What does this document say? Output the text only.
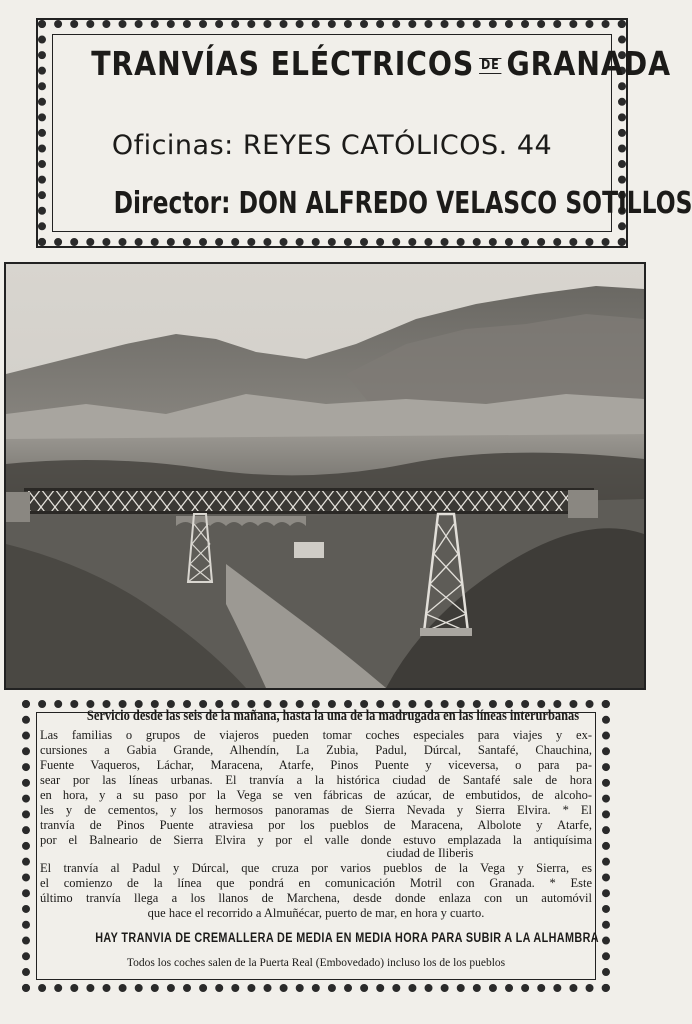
TRANVÍAS ELÉCTRICOS DE GRANADA
Oficinas: REYES CATÓLICOS. 44
Director: DON ALFREDO VELASCO SOTILLOS
Servicio desde las seis de la mañana, hasta la una de la madrugada en las líneas interurbanas
Las familias o grupos de viajeros pueden tomar coches especiales para viajes y ex-
cursiones a Gabia Grande, Alhendín, La Zubia, Padul, Dúrcal, Santafé, Chauchina,
Fuente Vaqueros, Láchar, Maracena, Atarfe, Pinos Puente y viceversa, o para pa-
sear por las líneas urbanas. El tranvía a la histórica ciudad de Santafé sale de hora
en hora, y a su paso por la Vega se ven fábricas de azúcar, de embutidos, de alcoho-
les y de cementos, y los hermosos panoramas de Sierra Nevada y Sierra Elvira. * El
tranvía de Pinos Puente atraviesa por los pueblos de Maracena, Albolote y Atarfe,
por el Balneario de Sierra Elvira y por el valle donde estuvo emplazada la antiquísima
ciudad de Iliberis
El tranvía al Padul y Dúrcal, que cruza por varios pueblos de la Vega y Sierra, es
el comienzo de la línea que pondrá en comunicación Motril con Granada. * Este
último tranvía llega a los llanos de Marchena, desde donde enlaza con un automóvil
que hace el recorrido a Almuñécar, puerto de mar, en hora y cuarto.
HAY TRANVIA DE CREMALLERA DE MEDIA EN MEDIA HORA PARA SUBIR A LA ALHAMBRA
Todos los coches salen de la Puerta Real (Embovedado) incluso los de los pueblos
